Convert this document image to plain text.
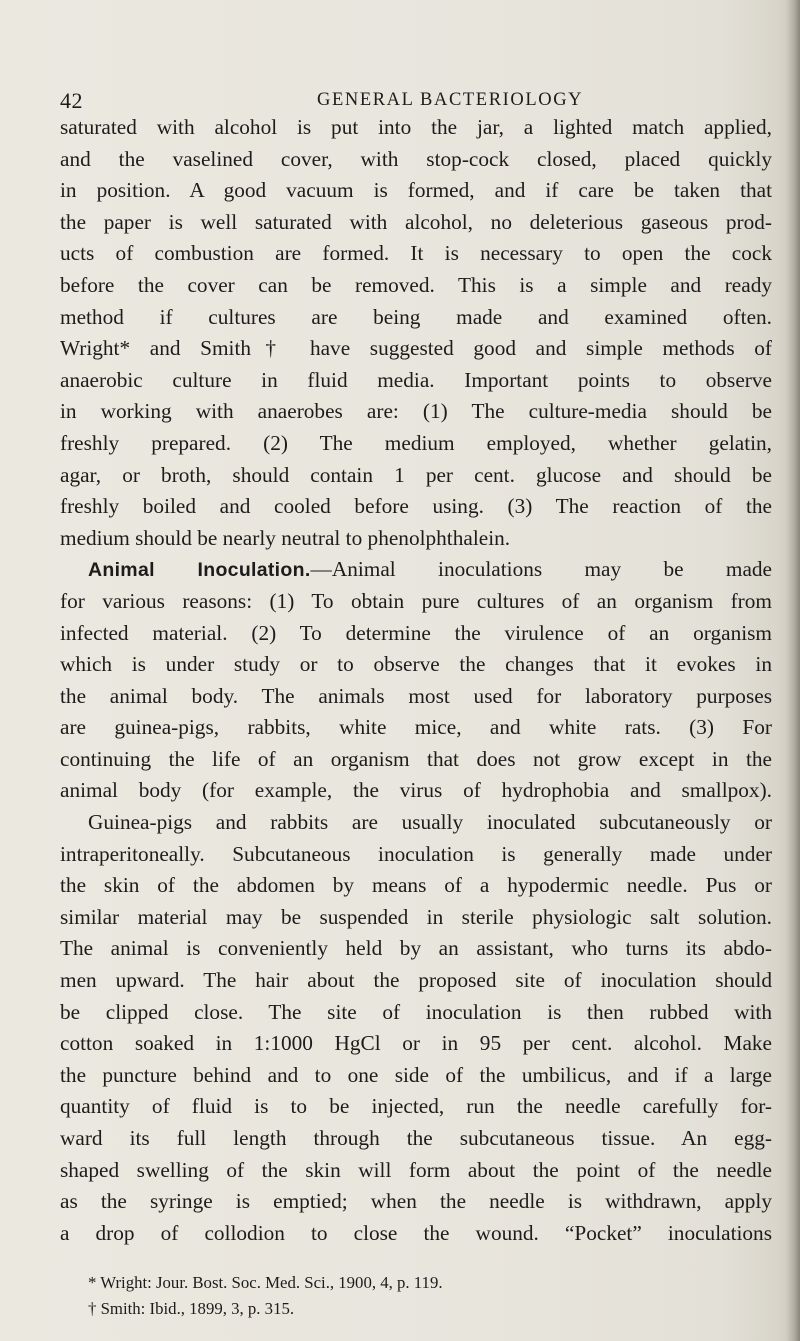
42	GENERAL BACTERIOLOGY
saturated with alcohol is put into the jar, a lighted match applied,
and the vaselined cover, with stop-cock closed, placed quickly
in position. A good vacuum is formed, and if care be taken that
the paper is well saturated with alcohol, no deleterious gaseous prod-
ucts of combustion are formed. It is necessary to open the cock
before the cover can be removed. This is a simple and ready
method if cultures are being made and examined often.
Wright* and Smith† have suggested good and simple methods of
anaerobic culture in fluid media. Important points to observe
in working with anaerobes are: (1) The culture-media should be
freshly prepared. (2) The medium employed, whether gelatin,
agar, or broth, should contain 1 per cent. glucose and should be
freshly boiled and cooled before using. (3) The reaction of the
medium should be nearly neutral to phenolphthalein.
Animal Inoculation.—Animal inoculations may be made
for various reasons: (1) To obtain pure cultures of an organism from
infected material. (2) To determine the virulence of an organism
which is under study or to observe the changes that it evokes in
the animal body. The animals most used for laboratory purposes
are guinea-pigs, rabbits, white mice, and white rats. (3) For
continuing the life of an organism that does not grow except in the
animal body (for example, the virus of hydrophobia and smallpox).
Guinea-pigs and rabbits are usually inoculated subcutaneously or
intraperitoneally. Subcutaneous inoculation is generally made under
the skin of the abdomen by means of a hypodermic needle. Pus or
similar material may be suspended in sterile physiologic salt solution.
The animal is conveniently held by an assistant, who turns its abdo-
men upward. The hair about the proposed site of inoculation should
be clipped close. The site of inoculation is then rubbed with
cotton soaked in 1:1000 HgCl or in 95 per cent. alcohol. Make
the puncture behind and to one side of the umbilicus, and if a large
quantity of fluid is to be injected, run the needle carefully for-
ward its full length through the subcutaneous tissue. An egg-
shaped swelling of the skin will form about the point of the needle
as the syringe is emptied; when the needle is withdrawn, apply
a drop of collodion to close the wound. “Pocket” inoculations
* Wright: Jour. Bost. Soc. Med. Sci., 1900, 4, p. 119.
† Smith: Ibid., 1899, 3, p. 315.
